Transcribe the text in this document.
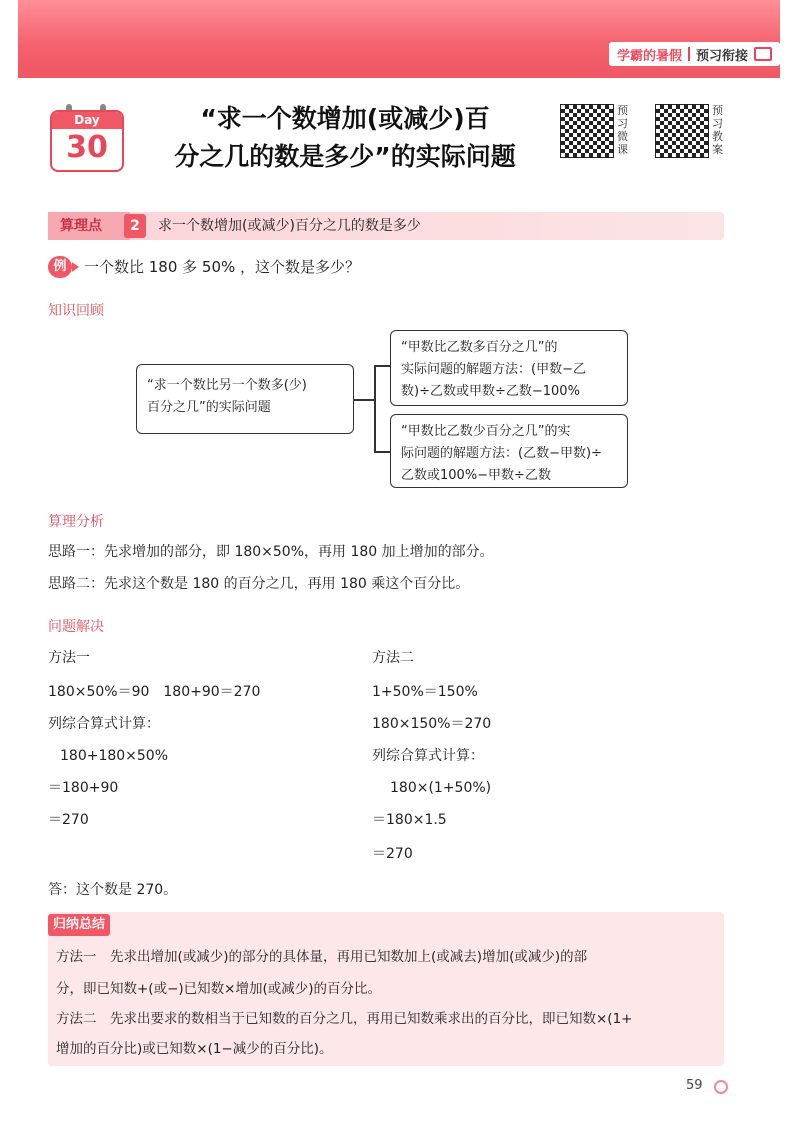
学霸的暑假 预习衔接
Day
30
“求一个数增加(或减少)百
分之几的数是多少”的实际问题
预习微课
预习教案
算理点	2	求一个数增加(或减少)百分之几的数是多少
例	一个数比 180 多 50% ，这个数是多少？
知识回顾
“求一个数比另一个数多(少)
百分之几”的实际问题
“甲数比乙数多百分之几”的
实际问题的解题方法：(甲数−乙
数)÷乙数或甲数÷乙数−100%
“甲数比乙数少百分之几”的实
际问题的解题方法：(乙数−甲数)÷
乙数或100%−甲数÷乙数
算理分析
思路一：先求增加的部分，即 180×50%，再用 180 加上增加的部分。
思路二：先求这个数是 180 的百分之几，再用 180 乘这个百分比。
问题解决
方法一
180×50%＝90　180+90＝270
列综合算式计算：
180+180×50%
＝180+90
＝270
方法二
1+50%＝150%
180×150%＝270
列综合算式计算：
180×(1+50%)
＝180×1.5
＝270
答：这个数是 270。
归纳总结
方法一　先求出增加(或减少)的部分的具体量，再用已知数加上(或减去)增加(或减少)的部
分，即已知数+(或−)已知数×增加(或减少)的百分比。
方法二　先求出要求的数相当于已知数的百分之几，再用已知数乘求出的百分比，即已知数×(1+
增加的百分比)或已知数×(1−减少的百分比)。
59
